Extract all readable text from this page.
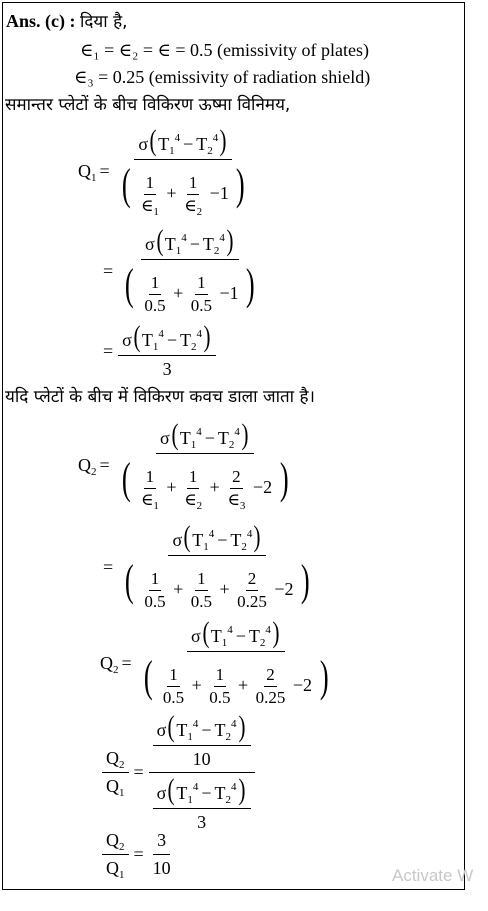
Ans. (c) : दिया है,
∈₁ = ∈₂ = ∈ = 0.5 (emissivity of plates)
∈₃ = 0.25 (emissivity of radiation shield)
समान्तर प्लेटों के बीच विकिरण ऊष्मा विनिमय,
$Q_1 = \frac{\sigma(T_1^4 - T_2^4)}{( \frac{1}{\in_1} + \frac{1}{\in_2} -1 )}$
= $\frac{\sigma(T_1^4 - T_2^4)}{( \frac{1}{0.5} + \frac{1}{0.5} -1 )}$
= $\frac{\sigma(T_1^4 - T_2^4)}{3}$
यदि प्लेटों के बीच में विकिरण कवच डाला जाता है।
$Q_2$ =
$\sigma(T_1^4 - T_2^4)$
( $\frac{1}{\in_1} + \frac{1}{\in_2} + \frac{2}{\in_3} -2$ )
=
$\sigma(T_1^4 - T_2^4)$
( $\frac{1}{0.5} + \frac{1}{0.5} + \frac{2}{0.25} -2$ )
$Q_2$ =
$\sigma(T_1^4 - T_2^4)$
( $\frac{1}{0.5} + \frac{1}{0.5} + \frac{2}{0.25} -2$ )
$\frac{Q_2}{Q_1} = \frac{\frac{\sigma(T_1^4 - T_2^4)}{10}}{\frac{\sigma(T_1^4 - T_2^4)}{3}}$
$\frac{Q_2}{Q_1} = \frac{3}{10}$	Activate W
